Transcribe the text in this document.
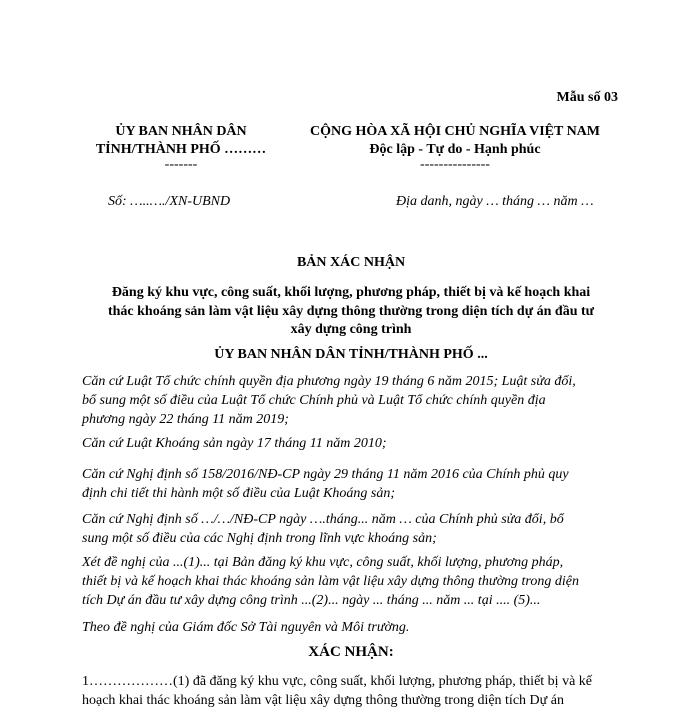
Mẫu số 03
ỦY BAN NHÂN DÂN
TỈNH/THÀNH PHỐ ………
-------
CỘNG HÒA XÃ HỘI CHỦ NGHĨA VIỆT NAM
Độc lập - Tự do - Hạnh phúc
---------------
Số: …..…./XN-UBND	Địa danh, ngày … tháng … năm …
BẢN XÁC NHẬN
Đăng ký khu vực, công suất, khối lượng, phương pháp, thiết bị và kế hoạch khai
thác khoáng sản làm vật liệu xây dựng thông thường trong diện tích dự án đầu tư
xây dựng công trình
ỦY BAN NHÂN DÂN TỈNH/THÀNH PHỐ ...
Căn cứ Luật Tổ chức chính quyền địa phương ngày 19 tháng 6 năm 2015; Luật sửa đổi,
bổ sung một số điều của Luật Tổ chức Chính phủ và Luật Tổ chức chính quyền địa
phương ngày 22 tháng 11 năm 2019;
Căn cứ Luật Khoáng sản ngày 17 tháng 11 năm 2010;
Căn cứ Nghị định số 158/2016/NĐ-CP ngày 29 tháng 11 năm 2016 của Chính phủ quy
định chi tiết thi hành một số điều của Luật Khoáng sản;
Căn cứ Nghị định số …/…/NĐ-CP ngày ….tháng... năm … của Chính phủ sửa đổi, bổ
sung một số điều của các Nghị định trong lĩnh vực khoáng sản;
Xét đề nghị của ...(1)... tại Bản đăng ký khu vực, công suất, khối lượng, phương pháp,
thiết bị và kế hoạch khai thác khoáng sản làm vật liệu xây dựng thông thường trong diện
tích Dự án đầu tư xây dựng công trình ...(2)... ngày ... tháng ... năm ... tại .... (5)...
Theo đề nghị của Giám đốc Sở Tài nguyên và Môi trường.
XÁC NHẬN:
1………………(1) đã đăng ký khu vực, công suất, khối lượng, phương pháp, thiết bị và kế
hoạch khai thác khoáng sản làm vật liệu xây dựng thông thường trong diện tích Dự án
